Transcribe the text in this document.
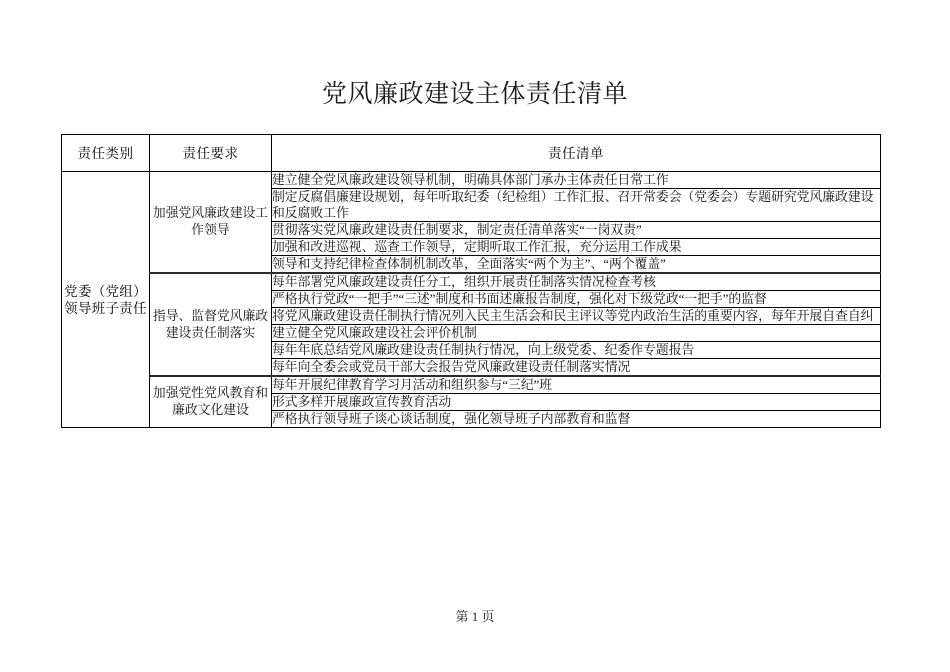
党风廉政建设主体责任清单
责任类别	责任要求	责任清单
党委（党组）领导班子责任	加强党风廉政建设工作领导	建立健全党风廉政建设领导机制，明确具体部门承办主体责任日常工作
		制定反腐倡廉建设规划，每年听取纪委（纪检组）工作汇报、召开常委会（党委会）专题研究党风廉政建设和反腐败工作
		贯彻落实党风廉政建设责任制要求，制定责任清单落实“一岗双责”
		加强和改进巡视、巡查工作领导，定期听取工作汇报，充分运用工作成果
		领导和支持纪律检查体制机制改革，全面落实“两个为主”、“两个覆盖”
	指导、监督党风廉政建设责任制落实	每年部署党风廉政建设责任分工，组织开展责任制落实情况检查考核
		严格执行党政“一把手”“三述”制度和书面述廉报告制度，强化对下级党政“一把手”的监督
		将党风廉政建设责任制执行情况列入民主生活会和民主评议等党内政治生活的重要内容，每年开展自查自纠
		建立健全党风廉政建设社会评价机制
		每年年底总结党风廉政建设责任制执行情况，向上级党委、纪委作专题报告
		每年向全委会或党员干部大会报告党风廉政建设责任制落实情况
	加强党性党风教育和廉政文化建设	每年开展纪律教育学习月活动和组织参与“三纪”班
		形式多样开展廉政宣传教育活动
		严格执行领导班子谈心谈话制度，强化领导班子内部教育和监督
第 1 页
